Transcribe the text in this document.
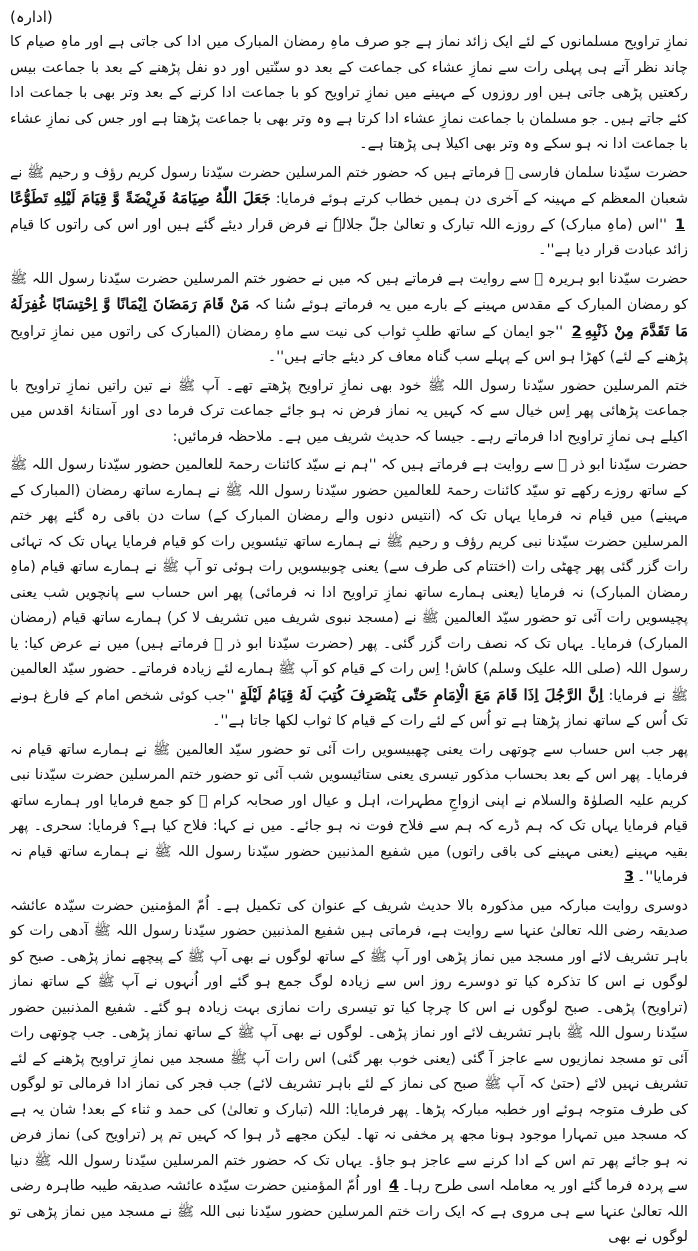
(ادارہ)

نمازِ تراویح مسلمانوں کے لئے ایک زائد نماز ہے جو صرف ماہِ رمضان المبارک میں ادا کی جاتی ہے اور ماہِ صیام کا چاند نظر آتے ہی پہلی رات سے نمازِ عشاء کی جماعت کے بعد دو سنّتیں اور دو نفل پڑھنے کے بعد با جماعت بیس رکعتیں پڑھی جاتی ہیں اور روزوں کے مہینے میں نمازِ تراویح کو با جماعت ادا کرنے کے بعد وتر بھی با جماعت ادا کئے جاتے ہیں۔ جو مسلمان با جماعت نمازِ عشاء ادا کرتا ہے وہ وتر بھی با جماعت پڑھتا ہے اور جس کی نمازِ عشاء با جماعت ادا نہ ہو سکے وہ وتر بھی اکیلا ہی پڑھتا ہے۔

حضرت سیّدنا سلمان فارسی ﷜ فرماتے ہیں کہ حضور ختم المرسلین حضرت سیّدنا رسول کریم رؤف و رحیم ﷺ نے شعبان المعظم کے مہینہ کے آخری دن ہمیں خطاب کرتے ہوئے فرمایا: جَعَلَ اللّٰهُ صِيَامَهُ فَرِيْضَةً وَّ قِيَامَ لَيْلِهِ تَطَوُّعًا1 ''اس (ماہِ مبارک) کے روزے اللہ تبارک و تعالیٰ جلّ جلالہٗ نے فرض قرار دیئے گئے ہیں اور اس کی راتوں کا قیام زائد عبادت قرار دیا ہے''۔

حضرت سیّدنا ابو ہریرہ ﷜ سے روایت ہے فرماتے ہیں کہ میں نے حضور ختم المرسلین حضرت سیّدنا رسول اللہ ﷺ کو رمضان المبارک کے مقدس مہینے کے بارے میں یہ فرماتے ہوئے سُنا کہ مَنْ قَامَ رَمَضَانَ اِيْمَانًا وَّ اِحْتِسَابًا غُفِرَلَهُ مَا تَقَدَّمَ مِنْ ذَنْبِهِ2 ''جو ایمان کے ساتھ طلبِ ثواب کی نیت سے ماہِ رمضان (المبارک کی راتوں میں نمازِ تراویح پڑھنے کے لئے) کھڑا ہو اس کے پہلے سب گناہ معاف کر دیئے جاتے ہیں''۔

ختم المرسلین حضور سیّدنا رسول اللہ ﷺ خود بھی نمازِ تراویح پڑھتے تھے۔ آپ ﷺ نے تین راتیں نمازِ تراویح با جماعت پڑھائی پھر اِس خیال سے کہ کہیں یہ نماز فرض نہ ہو جائے جماعت ترک فرما دی اور آستانۂ اقدس میں اکیلے ہی نمازِ تراویح ادا فرماتے رہے۔ جیسا کہ حدیث شریف میں ہے۔ ملاحظہ فرمائیں:

حضرت سیّدنا ابو ذر ﷜ سے روایت ہے فرماتے ہیں کہ ''ہم نے سیّد کائنات رحمۃ للعالمین حضور سیّدنا رسول اللہ ﷺ کے ساتھ روزے رکھے تو سیّد کائنات رحمۃ للعالمین حضور سیّدنا رسول اللہ ﷺ نے ہمارے ساتھ رمضان (المبارک کے مہینے) میں قیام نہ فرمایا یہاں تک کہ (انتیس دنوں والے رمضان المبارک کے) سات دن باقی رہ گئے پھر ختم المرسلین حضرت سیّدنا نبی کریم رؤف و رحیم ﷺ نے ہمارے ساتھ تیئسویں رات کو قیام فرمایا یہاں تک کہ تہائی رات گزر گئی پھر چھٹی رات (اختتام کی طرف سے) یعنی چوبیسویں رات ہوئی تو آپ ﷺ نے ہمارے ساتھ قیام (ماہِ رمضان المبارک) نہ فرمایا (یعنی ہمارے ساتھ نمازِ تراویح ادا نہ فرمائی) پھر اس حساب سے پانچویں شب یعنی پچیسویں رات آئی تو حضور سیّد العالمین ﷺ نے (مسجد نبوی شریف میں تشریف لا کر) ہمارے ساتھ قیام (رمضان المبارک) فرمایا۔ یہاں تک کہ نصف رات گزر گئی۔ پھر (حضرت سیّدنا ابو ذر ﷜ فرماتے ہیں) میں نے عرض کیا: یا رسول اللہ (صلی اللہ علیک وسلم) کاش! اِس رات کے قیام کو آپ ﷺ ہمارے لئے زیادہ فرماتے۔ حضور سیّد العالمین ﷺ نے فرمایا: اِنَّ الرَّجُلَ اِذَا قَامَ مَعَ الْاِمَامِ حَتّٰى يَنْصَرِفَ كُتِبَ لَهُ قِيَامُ لَيْلَةٍ ''جب کوئی شخص امام کے فارغ ہونے تک اُس کے ساتھ نماز پڑھتا ہے تو اُس کے لئے رات کے قیام کا ثواب لکھا جاتا ہے''۔

پھر جب اس حساب سے چوتھی رات یعنی چھبیسویں رات آئی تو حضور سیّد العالمین ﷺ نے ہمارے ساتھ قیام نہ فرمایا۔ پھر اس کے بعد بحساب مذکور تیسری یعنی ستائیسویں شب آئی تو حضور ختم المرسلین حضرت سیّدنا نبی کریم علیہ الصلوٰۃ والسلام نے اپنی ازواجِ مطہرات، اہل و عیال اور صحابہ کرام ﷡ کو جمع فرمایا اور ہمارے ساتھ قیام فرمایا یہاں تک کہ ہم ڈرے کہ ہم سے فلاح فوت نہ ہو جائے۔ میں نے کہا: فلاح کیا ہے؟ فرمایا: سحری۔ پھر بقیہ مہینے (یعنی مہینے کی باقی راتوں) میں شفیع المذنبین حضور سیّدنا رسول اللہ ﷺ نے ہمارے ساتھ قیام نہ فرمایا''۔3

دوسری روایت مبارکہ میں مذکورہ بالا حدیث شریف کے عنوان کی تکمیل ہے۔ اُمّ المؤمنین حضرت سیّدہ عائشہ صدیقہ رضی اللہ تعالیٰ عنہا سے روایت ہے، فرماتی ہیں شفیع المذنبین حضور سیّدنا رسول اللہ ﷺ آدھی رات کو باہر تشریف لائے اور مسجد میں نماز پڑھی اور آپ ﷺ کے ساتھ لوگوں نے بھی آپ ﷺ کے پیچھے نماز پڑھی۔ صبح کو لوگوں نے اس کا تذکرہ کیا تو دوسرے روز اس سے زیادہ لوگ جمع ہو گئے اور اُنہوں نے آپ ﷺ کے ساتھ نماز (تراویح) پڑھی۔ صبح لوگوں نے اس کا چرچا کیا تو تیسری رات نمازی بہت زیادہ ہو گئے۔ شفیع المذنبین حضور سیّدنا رسول اللہ ﷺ باہر تشریف لائے اور نماز پڑھی۔ لوگوں نے بھی آپ ﷺ کے ساتھ نماز پڑھی۔ جب چوتھی رات آئی تو مسجد نمازیوں سے عاجز آ گئی (یعنی خوب بھر گئی) اس رات آپ ﷺ مسجد میں نمازِ تراویح پڑھنے کے لئے تشریف نہیں لائے (حتیٰ کہ آپ ﷺ صبح کی نماز کے لئے باہر تشریف لائے) جب فجر کی نماز ادا فرمالی تو لوگوں کی طرف متوجہ ہوئے اور خطبہ مبارکہ پڑھا۔ پھر فرمایا: اللہ (تبارک و تعالیٰ) کی حمد و ثناء کے بعد! شان یہ ہے کہ مسجد میں تمہارا موجود ہونا مجھ پر مخفی نہ تھا۔ لیکن مجھے ڈر ہوا کہ کہیں تم پر (تراویح کی) نماز فرض نہ ہو جائے پھر تم اس کے ادا کرنے سے عاجز ہو جاؤ۔ یہاں تک کہ حضور ختم المرسلین سیّدنا رسول اللہ ﷺ دنیا سے پردہ فرما گئے اور یہ معاملہ اسی طرح رہا۔4 اور اُمّ المؤمنین حضرت سیّدہ عائشہ صدیقہ طیبہ طاہرہ رضی اللہ تعالیٰ عنہا سے ہی مروی ہے کہ ایک رات ختم المرسلین حضور سیّدنا نبی اللہ ﷺ نے مسجد میں نماز پڑھی تو لوگوں نے بھی
